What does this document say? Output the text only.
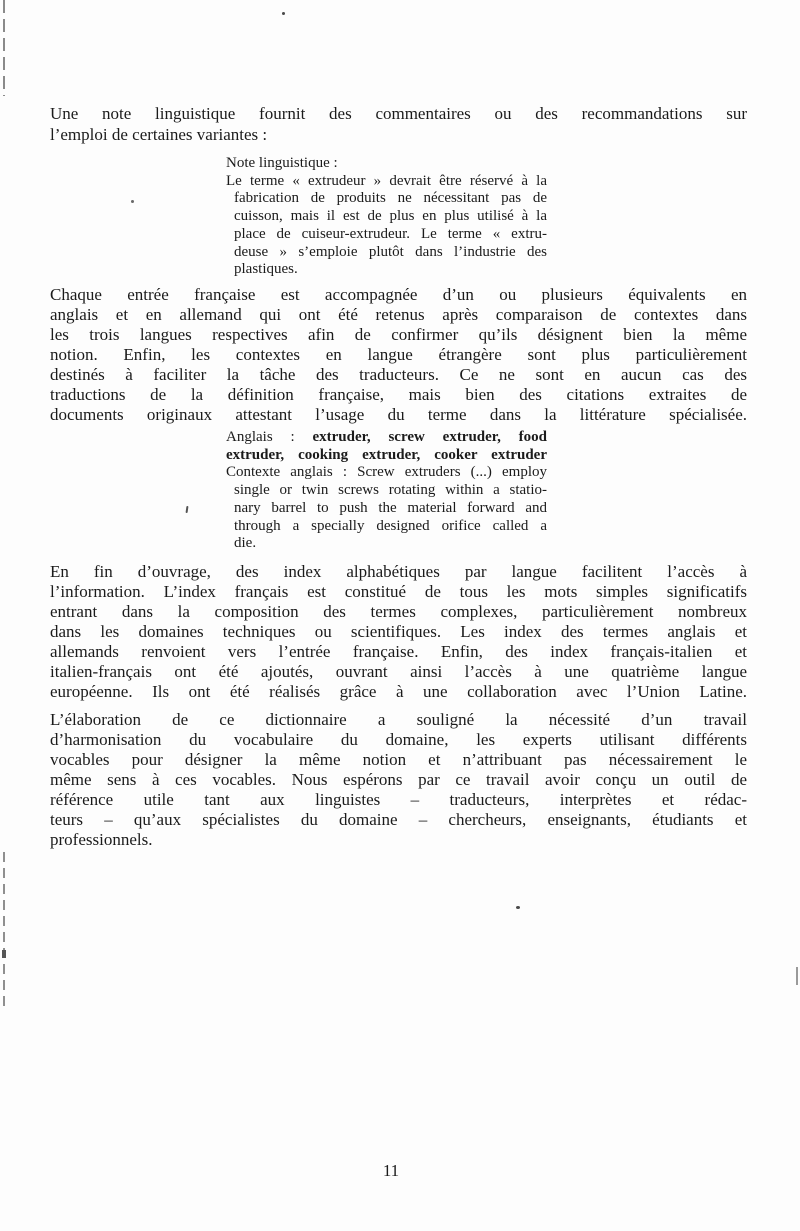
Une note linguistique fournit des commentaires ou des recommandations sur
l’emploi de certaines variantes :
Note linguistique :
Le terme « extrudeur » devrait être réservé à la
fabrication de produits ne nécessitant pas de
cuisson, mais il est de plus en plus utilisé à la
place de cuiseur-extrudeur. Le terme « extru-
deuse » s’emploie plutôt dans l’industrie des
plastiques.
Chaque entrée française est accompagnée d’un ou plusieurs équivalents en
anglais et en allemand qui ont été retenus après comparaison de contextes dans
les trois langues respectives afin de confirmer qu’ils désignent bien la même
notion. Enfin, les contextes en langue étrangère sont plus particulièrement
destinés à faciliter la tâche des traducteurs. Ce ne sont en aucun cas des
traductions de la définition française, mais bien des citations extraites de
documents originaux attestant l’usage du terme dans la littérature spécialisée.
Anglais : extruder, screw extruder, food
extruder, cooking extruder, cooker extruder
Contexte anglais : Screw extruders (...) employ
single or twin screws rotating within a statio-
nary barrel to push the material forward and
through a specially designed orifice called a
die.
En fin d’ouvrage, des index alphabétiques par langue facilitent l’accès à
l’information. L’index français est constitué de tous les mots simples significatifs
entrant dans la composition des termes complexes, particulièrement nombreux
dans les domaines techniques ou scientifiques. Les index des termes anglais et
allemands renvoient vers l’entrée française. Enfin, des index français-italien et
italien-français ont été ajoutés, ouvrant ainsi l’accès à une quatrième langue
européenne. Ils ont été réalisés grâce à une collaboration avec l’Union Latine.
L’élaboration de ce dictionnaire a souligné la nécessité d’un travail
d’harmonisation du vocabulaire du domaine, les experts utilisant différents
vocables pour désigner la même notion et n’attribuant pas nécessairement le
même sens à ces vocables. Nous espérons par ce travail avoir conçu un outil de
référence utile tant aux linguistes – traducteurs, interprètes et rédac-
teurs – qu’aux spécialistes du domaine – chercheurs, enseignants, étudiants et
professionnels.
11
